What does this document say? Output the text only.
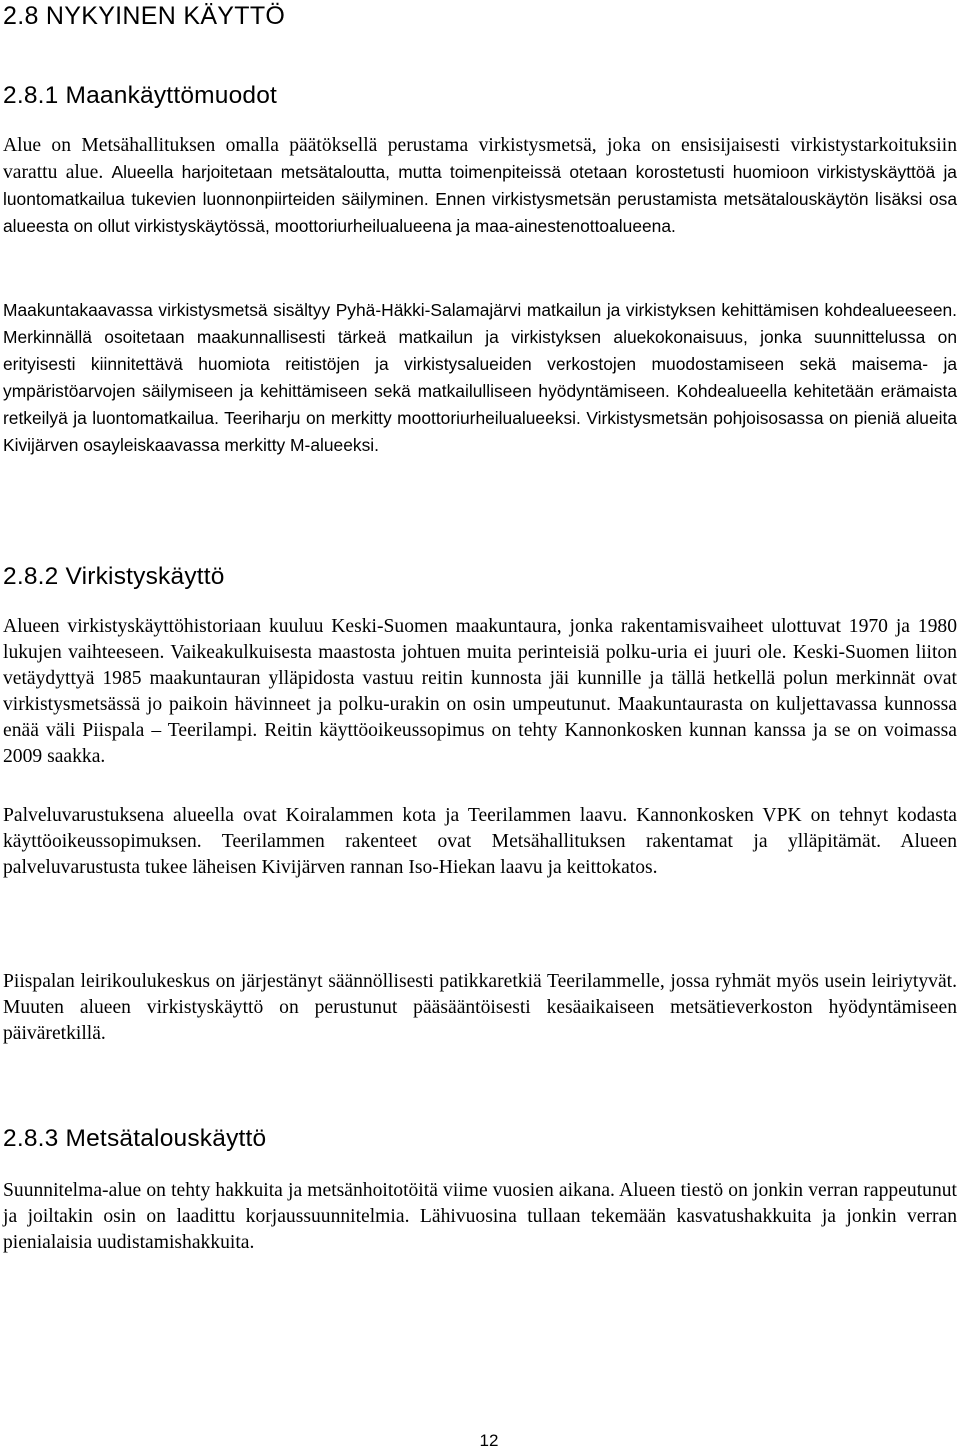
2.8 NYKYINEN KÄYTTÖ
2.8.1 Maankäyttömuodot

Alue on Metsähallituksen omalla päätöksellä perustama virkistysmetsä, joka on ensisijaisesti virkistystarkoituksiin varattu alue. Alueella harjoitetaan metsätaloutta, mutta toimenpiteissä otetaan korostetusti huomioon virkistyskäyttöä ja luontomatkailua tukevien luonnonpiirteiden säilyminen. Ennen virkistysmetsän perustamista metsätalouskäytön lisäksi osa alueesta on ollut virkistyskäytössä, moottoriurheilualueena ja maa-ainestenottoalueena.

Maakuntakaavassa virkistysmetsä sisältyy Pyhä-Häkki-Salamajärvi matkailun ja virkistyksen kehittämisen kohdealueeseen. Merkinnällä osoitetaan maakunnallisesti tärkeä matkailun ja virkistyksen aluekokonaisuus, jonka suunnittelussa on erityisesti kiinnitettävä huomiota reitistöjen ja virkistysalueiden verkostojen muodostamiseen sekä maisema- ja ympäristöarvojen säilymiseen ja kehittämiseen sekä matkailulliseen hyödyntämiseen. Kohdealueella kehitetään erämaista retkeilyä ja luontomatkailua. Teeriharju on merkitty moottoriurheilualueeksi. Virkistysmetsän pohjoisosassa on pieniä alueita Kivijärven osayleiskaavassa merkitty M-alueeksi.

2.8.2 Virkistyskäyttö

Alueen virkistyskäyttöhistoriaan kuuluu Keski-Suomen maakuntaura, jonka rakentamisvaiheet ulottuvat 1970 ja 1980 lukujen vaihteeseen. Vaikeakulkuisesta maastosta johtuen muita perinteisiä polku-uria ei juuri ole. Keski-Suomen liiton vetäydyttyä 1985 maakuntauran ylläpidosta vastuu reitin kunnosta jäi kunnille ja tällä hetkellä polun merkinnät ovat virkistysmetsässä jo paikoin hävinneet ja polku-urakin on osin umpeutunut. Maakuntaurasta on kuljettavassa kunnossa enää väli Piispala – Teerilampi. Reitin käyttöoikeussopimus on tehty Kannonkosken kunnan kanssa ja se on voimassa 2009 saakka.

Palveluvarustuksena alueella ovat Koiralammen kota ja Teerilammen laavu. Kannonkosken VPK on tehnyt kodasta käyttöoikeussopimuksen. Teerilammen rakenteet ovat Metsähallituksen rakentamat ja ylläpitämät. Alueen palveluvarustusta tukee läheisen Kivijärven rannan Iso-Hiekan laavu ja keittokatos.

Piispalan leirikoulukeskus on järjestänyt säännöllisesti patikkaretkiä Teerilammelle, jossa ryhmät myös usein leiriytyvät. Muuten alueen virkistyskäyttö on perustunut pääsääntöisesti kesäaikaiseen metsätieverkoston hyödyntämiseen päiväretkillä.

2.8.3 Metsätalouskäyttö

Suunnitelma-alue on tehty hakkuita ja metsänhoitotöitä viime vuosien aikana. Alueen tiestö on jonkin verran rappeutunut ja joiltakin osin on laadittu korjaussuunnitelmia. Lähivuosina tullaan tekemään kasvatushakkuita ja jonkin verran pienialaisia uudistamishakkuita.

12
